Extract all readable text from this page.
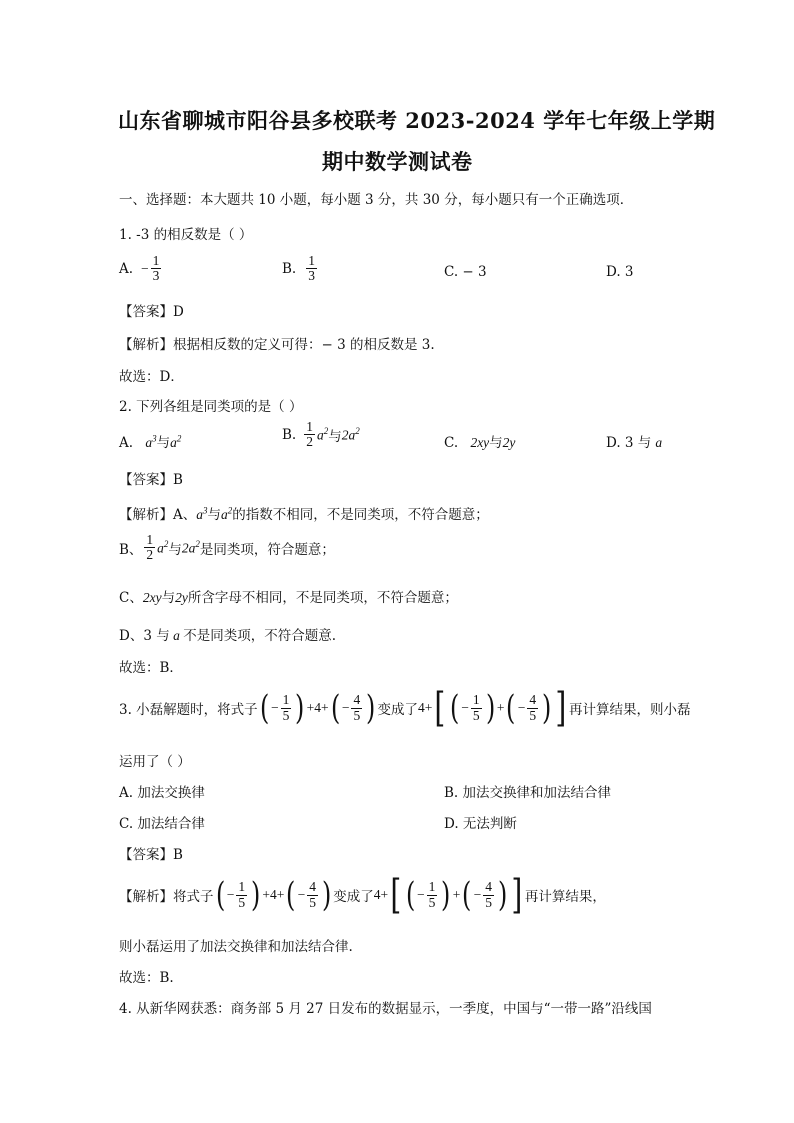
山东省聊城市阳谷县多校联考 2023-2024 学年七年级上学期
期中数学测试卷
一、选择题：本大题共 10 小题，每小题 3 分，共 30 分，每小题只有一个正确选项．
1. -3 的相反数是（ ）
A. − $\frac{1}{3}$	B. $\frac{1}{3}$	C. − 3	D. 3
【答案】D
【解析】根据相反数的定义可得：− 3 的相反数是 3.
故选：D．
2. 下列各组是同类项的是（ ）
A. $a^3$与$a^2$	B. $\frac{1}{2} a^2$ 与 $2a^2$
C. 2xy与2y	D. 3 与 a
【答案】B
【解析】A、$a^3$与$a^2$的指数不相同，不是同类项，不符合题意；
B、 $\frac{1}{2} a^2$ 与 $2a^2$ 是同类项，符合题意；
C、2xy与2y所含字母不相同，不是同类项，不符合题意；
D、3 与 a 不是同类项，不符合题意.
故选：B．
3. 小磊解题时，将式子 ( − $\frac{1}{5}$ ) +4+ ( − $\frac{4}{5}$ ) 变成了 4+ [ ( − $\frac{1}{5}$ ) + ( − $\frac{4}{5}$ ) ] 再计算结果，则小磊
运用了（ ）
A. 加法交换律	B. 加法交换律和加法结合律
C. 加法结合律	D. 无法判断
【答案】B
【解析】将式子 ( − $\frac{1}{5}$ ) +4+ ( − $\frac{4}{5}$ ) 变成了 4+ [ ( − $\frac{1}{5}$ ) + ( − $\frac{4}{5}$ ) ] 再计算结果，
则小磊运用了加法交换律和加法结合律.
故选：B.
4. 从新华网获悉：商务部 5 月 27 日发布的数据显示，一季度，中国与“一带一路”沿线国
